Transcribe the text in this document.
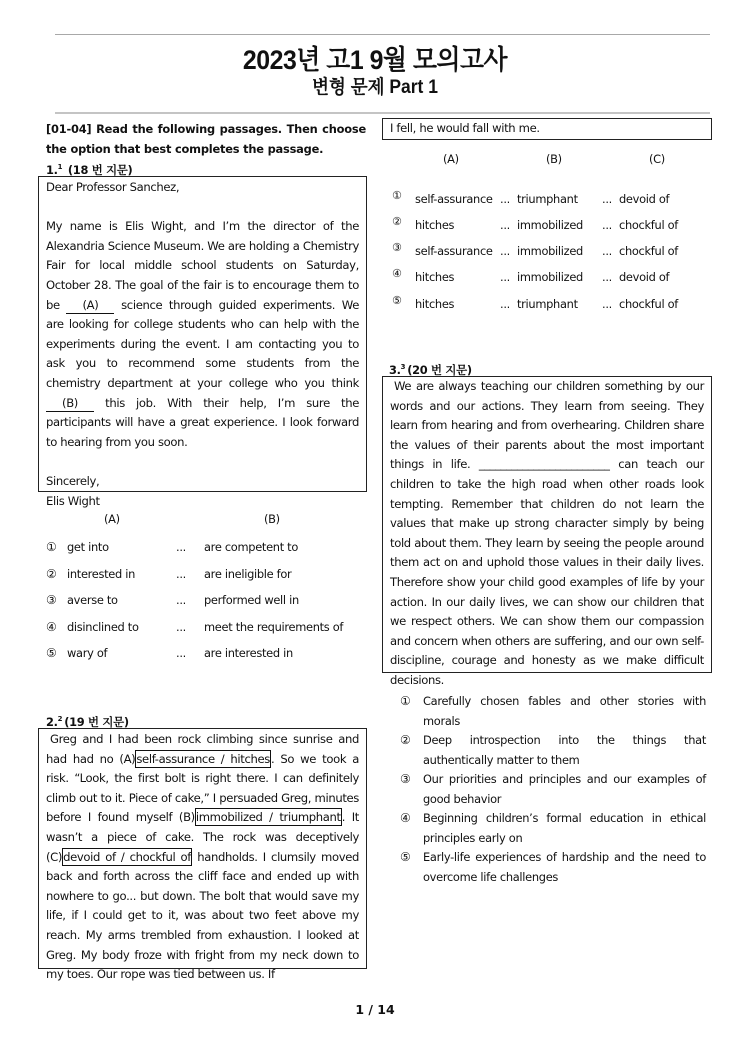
2023년 고1 9월 모의고사
변형 문제 Part 1
[01-04] Read the following passages. Then choose the option that best completes the passage.
1.$^1$ (18 번 지문)

Dear Professor Sanchez,

My name is Elis Wight, and I’m the director of the Alexandria Science Museum. We are holding a Chemistry Fair for local middle school students on Saturday, October 28. The goal of the fair is to encourage them to be (A) science through guided experiments. We are looking for college students who can help with the experiments during the event. I am contacting you to ask you to recommend some students from the chemistry department at your college who you think (B) this job. With their help, I’m sure the participants will have a great experience. I look forward to hearing from you soon.

Sincerely,

Elis Wight

(A)	(B)
① get into	... are competent to
② interested in	... are ineligible for
③ averse to	... performed well in
④ disinclined to	... meet the requirements of
⑤ wary of	... are interested in
2.$^2$ (19 번 지문)

Greg and I had been rock climbing since sunrise and had had no (A)self-assurance / hitches. So we took a risk. “Look, the first bolt is right there. I can definitely climb out to it. Piece of cake,” I persuaded Greg, minutes before I found myself (B)immobilized / triumphant. It wasn’t a piece of cake. The rock was deceptively (C)devoid of / chockful of handholds. I clumsily moved back and forth across the cliff face and ended up with nowhere to go... but down. The bolt that would save my life, if I could get to it, was about two feet above my reach. My arms trembled from exhaustion. I looked at Greg. My body froze with fright from my neck down to my toes. Our rope was tied between us. If

I fell, he would fall with me.

(A)	(B)	(C)
① self-assurance ... triumphant ... devoid of
② hitches	... immobilized ... chockful of
③ self-assurance ... immobilized ... chockful of
④ hitches	... immobilized ... devoid of
⑤ hitches	... triumphant ... chockful of
3.$^3$ (20 번 지문)

We are always teaching our children something by our words and our actions. They learn from seeing. They learn from hearing and from overhearing. Children share the values of their parents about the most important things in life. ________________________ can teach our children to take the high road when other roads look tempting. Remember that children do not learn the values that make up strong character simply by being told about them. They learn by seeing the people around them act on and uphold those values in their daily lives. Therefore show your child good examples of life by your action. In our daily lives, we can show our children that we respect others. We can show them our compassion and concern when others are suffering, and our own self-discipline, courage and honesty as we make difficult decisions.

① Carefully chosen fables and other stories with morals
② Deep introspection into the things that authentically matter to them
③ Our priorities and principles and our examples of good behavior
④ Beginning children’s formal education in ethical principles early on
⑤ Early-life experiences of hardship and the need to overcome life challenges
1 / 14
